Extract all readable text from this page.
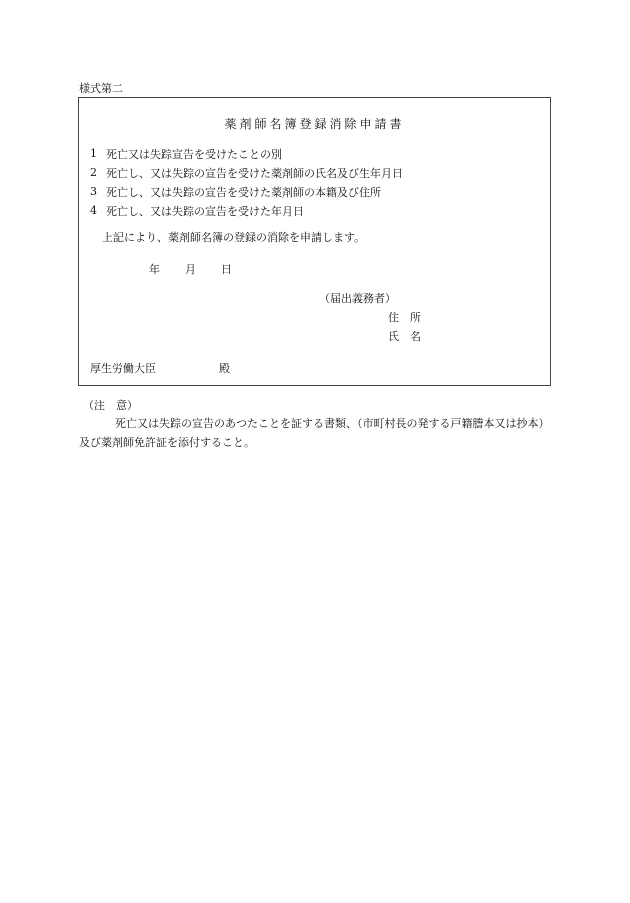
様式第二
薬剤師名簿登録消除申請書
1 死亡又は失踪宣告を受けたことの別
2 死亡し、又は失踪の宣告を受けた薬剤師の氏名及び生年月日
3 死亡し、又は失踪の宣告を受けた薬剤師の本籍及び住所
4 死亡し、又は失踪の宣告を受けた年月日
上記により、薬剤師名簿の登録の消除を申請します。
年 月 日
（届出義務者）
住　所
氏　名
厚生労働大臣	殿
（注　意）
死亡又は失踪の宣告のあつたことを証する書類、（市町村長の発する戸籍謄本又は抄本）及び薬剤師免許証を添付すること。
